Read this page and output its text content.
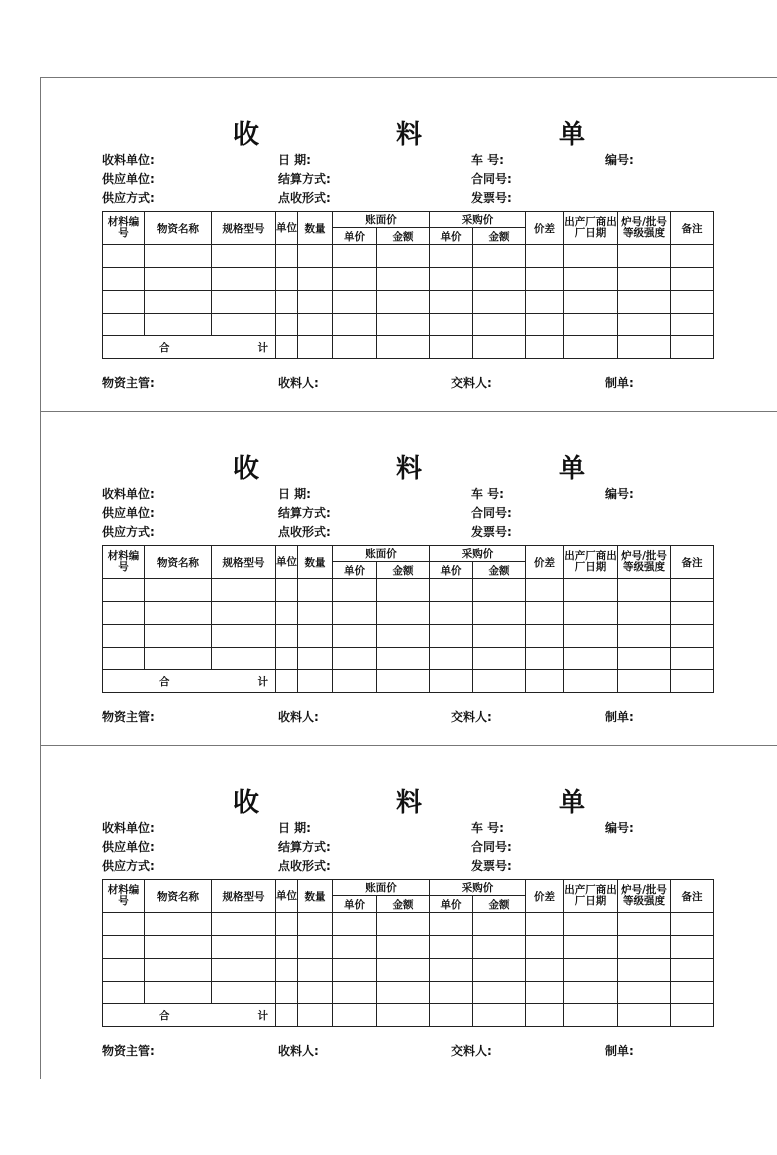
收 料 单
收料单位:	日 期:	车 号:	编号:
供应单位:	结算方式:	合同号:
供应方式:	点收形式:	发票号:
材料编号	物资名称	规格型号	单位	数量	账面价		采购价		价差	出产厂商出厂日期	炉号/批号等级强度	备注
					单价	金额	单价	金额				

合 计												
物资主管:	收料人:	交料人:	制单:
收 料 单
收料单位:	日 期:	车 号:	编号:
供应单位:	结算方式:	合同号:
供应方式:	点收形式:	发票号:
材料编号	物资名称	规格型号	单位	数量	账面价		采购价		价差	出产厂商出厂日期	炉号/批号等级强度	备注
					单价	金额	单价	金额				

合 计												
物资主管:	收料人:	交料人:	制单:
收 料 单
收料单位:	日 期:	车 号:	编号:
供应单位:	结算方式:	合同号:
供应方式:	点收形式:	发票号:
材料编号	物资名称	规格型号	单位	数量	账面价		采购价		价差	出产厂商出厂日期	炉号/批号等级强度	备注
					单价	金额	单价	金额				

合 计												
物资主管:	收料人:	交料人:	制单:
